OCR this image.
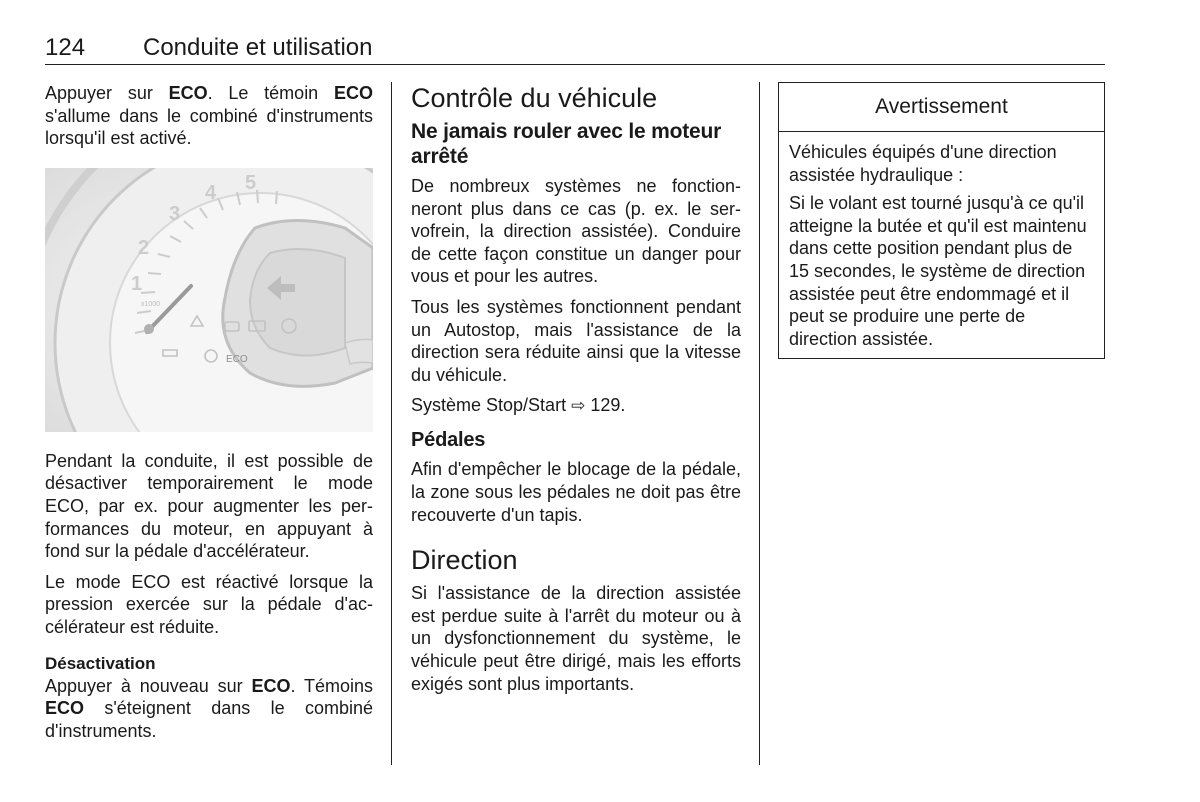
124 Conduite et utilisation

Appuyer sur ECO. Le témoin ECO s'allume dans le combiné d'instruments lorsqu'il est activé.

1
2
3
4 5
x1000
ECO

Pendant la conduite, il est possible de désactiver temporairement le mode ECO, par ex. pour augmenter les performances du moteur, en appuyant à fond sur la pédale d'accélérateur.

Le mode ECO est réactivé lorsque la pression exercée sur la pédale d'accélérateur est réduite.

Désactivation

Appuyer à nouveau sur ECO. Témoins ECO s'éteignent dans le combiné d'instruments.

Contrôle du véhicule
Ne jamais rouler avec le moteur arrêté

De nombreux systèmes ne fonctionneront plus dans ce cas (p. ex. le servofrein, la direction assistée). Conduire de cette façon constitue un danger pour vous et pour les autres.

Tous les systèmes fonctionnent pendant un Autostop, mais l'assistance de la direction sera réduite ainsi que la vitesse du véhicule.

Système Stop/Start ⇨ 129.

Pédales

Afin d'empêcher le blocage de la pédale, la zone sous les pédales ne doit pas être recouverte d'un tapis.

Direction

Si l'assistance de la direction assistée est perdue suite à l'arrêt du moteur ou à un dysfonctionnement du système, le véhicule peut être dirigé, mais les efforts exigés sont plus importants.

Avertissement

Véhicules équipés d'une direction assistée hydraulique :

Si le volant est tourné jusqu'à ce qu'il atteigne la butée et qu'il est maintenu dans cette position pendant plus de 15 secondes, le système de direction assistée peut être endommagé et il peut se produire une perte de direction assistée.
